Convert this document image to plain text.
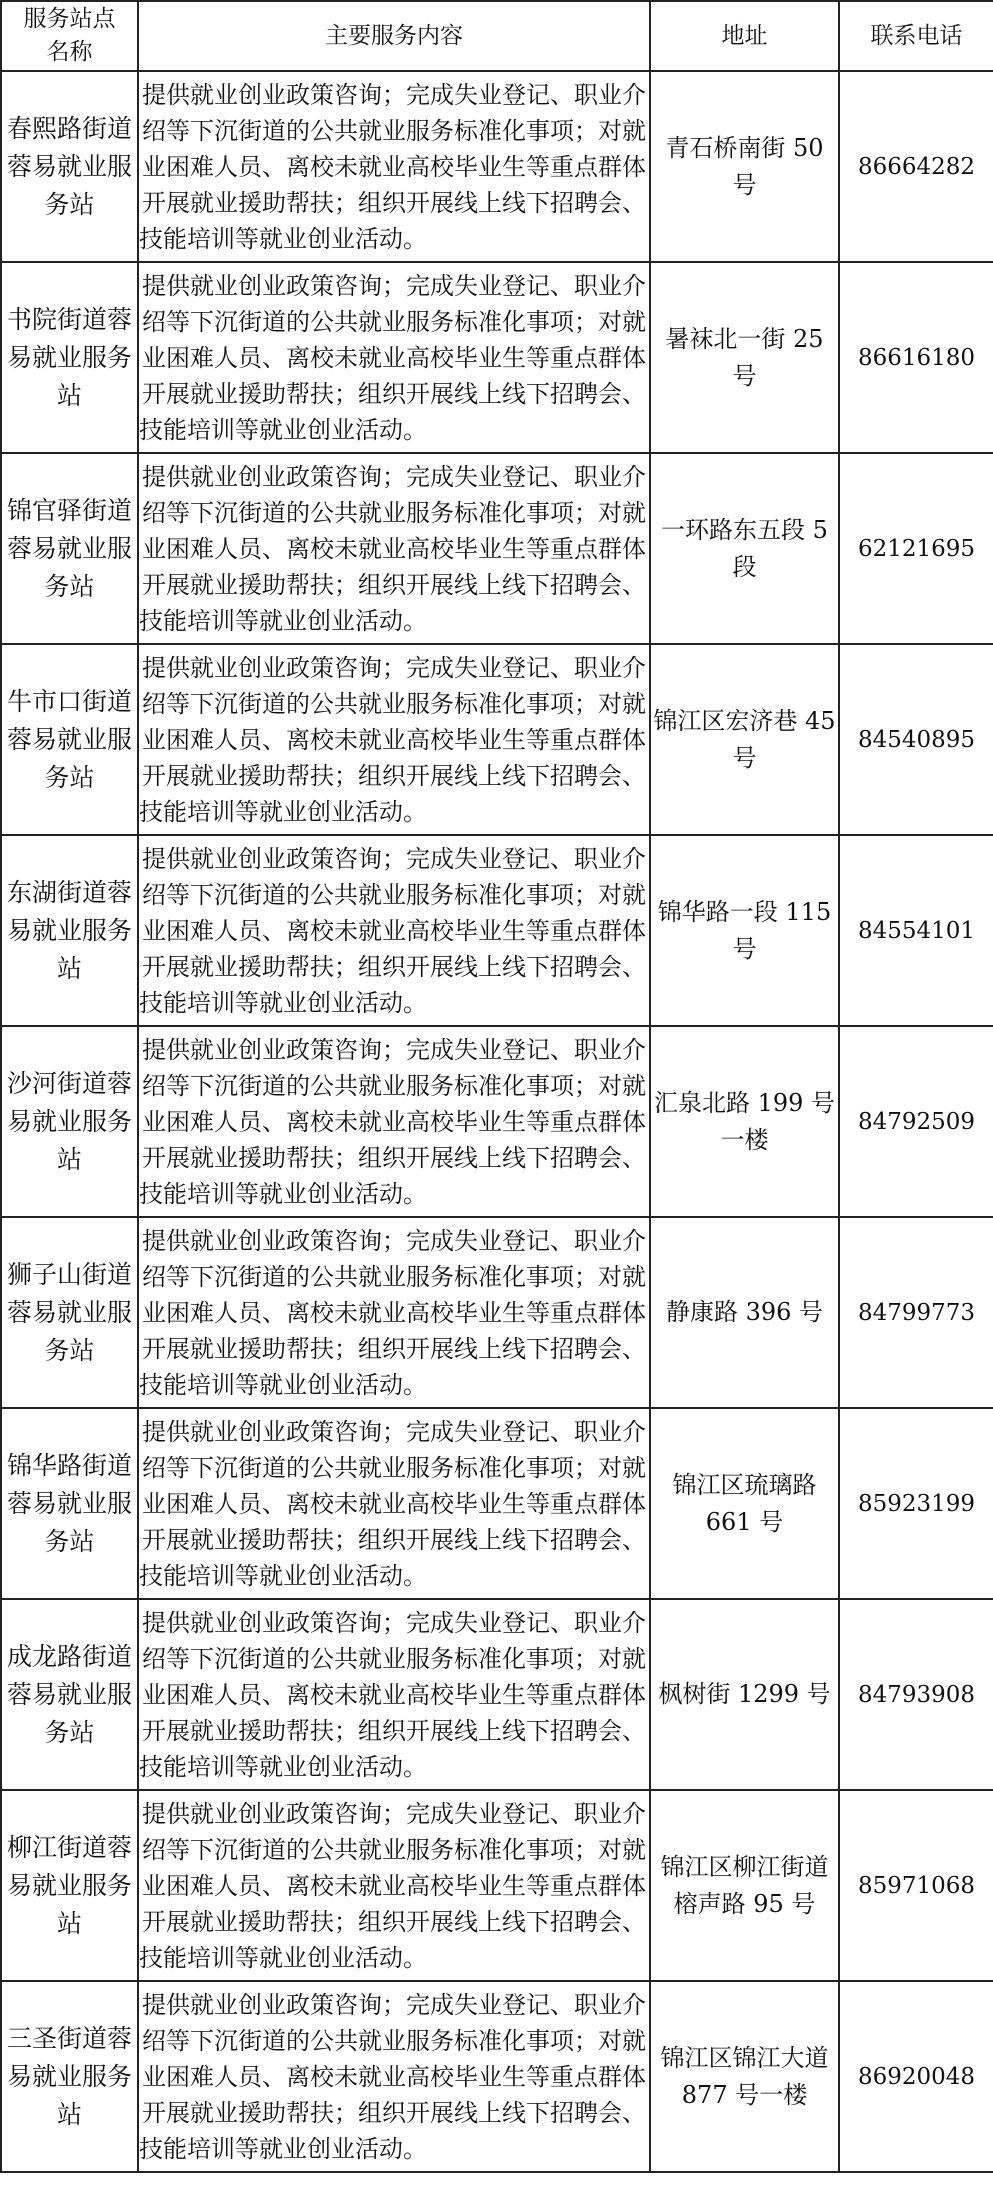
服务站点名称	主要服务内容	地址	联系电话

春熙路街道蓉易就业服务站	提供就业创业政策咨询；完成失业登记、职业介绍等下沉街道的公共就业服务标准化事项；对就业困难人员、离校未就业高校毕业生等重点群体开展就业援助帮扶；组织开展线上线下招聘会、技能培训等就业创业活动。	青石桥南街 50 号	86664282

书院街道蓉易就业服务站	提供就业创业政策咨询；完成失业登记、职业介绍等下沉街道的公共就业服务标准化事项；对就业困难人员、离校未就业高校毕业生等重点群体开展就业援助帮扶；组织开展线上线下招聘会、技能培训等就业创业活动。	暑袜北一街 25 号	86616180

锦官驿街道蓉易就业服务站	提供就业创业政策咨询；完成失业登记、职业介绍等下沉街道的公共就业服务标准化事项；对就业困难人员、离校未就业高校毕业生等重点群体开展就业援助帮扶；组织开展线上线下招聘会、技能培训等就业创业活动。	一环路东五段 5 段	62121695

牛市口街道蓉易就业服务站	提供就业创业政策咨询；完成失业登记、职业介绍等下沉街道的公共就业服务标准化事项；对就业困难人员、离校未就业高校毕业生等重点群体开展就业援助帮扶；组织开展线上线下招聘会、技能培训等就业创业活动。	锦江区宏济巷 45 号	84540895

东湖街道蓉易就业服务站	提供就业创业政策咨询；完成失业登记、职业介绍等下沉街道的公共就业服务标准化事项；对就业困难人员、离校未就业高校毕业生等重点群体开展就业援助帮扶；组织开展线上线下招聘会、技能培训等就业创业活动。	锦华路一段 115 号	84554101

沙河街道蓉易就业服务站	提供就业创业政策咨询；完成失业登记、职业介绍等下沉街道的公共就业服务标准化事项；对就业困难人员、离校未就业高校毕业生等重点群体开展就业援助帮扶；组织开展线上线下招聘会、技能培训等就业创业活动。	汇泉北路 199 号一楼	84792509

狮子山街道蓉易就业服务站	提供就业创业政策咨询；完成失业登记、职业介绍等下沉街道的公共就业服务标准化事项；对就业困难人员、离校未就业高校毕业生等重点群体开展就业援助帮扶；组织开展线上线下招聘会、技能培训等就业创业活动。	静康路 396 号	84799773

锦华路街道蓉易就业服务站	提供就业创业政策咨询；完成失业登记、职业介绍等下沉街道的公共就业服务标准化事项；对就业困难人员、离校未就业高校毕业生等重点群体开展就业援助帮扶；组织开展线上线下招聘会、技能培训等就业创业活动。	锦江区琉璃路 661 号	85923199

成龙路街道蓉易就业服务站	提供就业创业政策咨询；完成失业登记、职业介绍等下沉街道的公共就业服务标准化事项；对就业困难人员、离校未就业高校毕业生等重点群体开展就业援助帮扶；组织开展线上线下招聘会、技能培训等就业创业活动。	枫树街 1299 号	84793908

柳江街道蓉易就业服务站	提供就业创业政策咨询；完成失业登记、职业介绍等下沉街道的公共就业服务标准化事项；对就业困难人员、离校未就业高校毕业生等重点群体开展就业援助帮扶；组织开展线上线下招聘会、技能培训等就业创业活动。	锦江区柳江街道榕声路 95 号	85971068

三圣街道蓉易就业服务站	提供就业创业政策咨询；完成失业登记、职业介绍等下沉街道的公共就业服务标准化事项；对就业困难人员、离校未就业高校毕业生等重点群体开展就业援助帮扶；组织开展线上线下招聘会、技能培训等就业创业活动。	锦江区锦江大道 877 号一楼	86920048
